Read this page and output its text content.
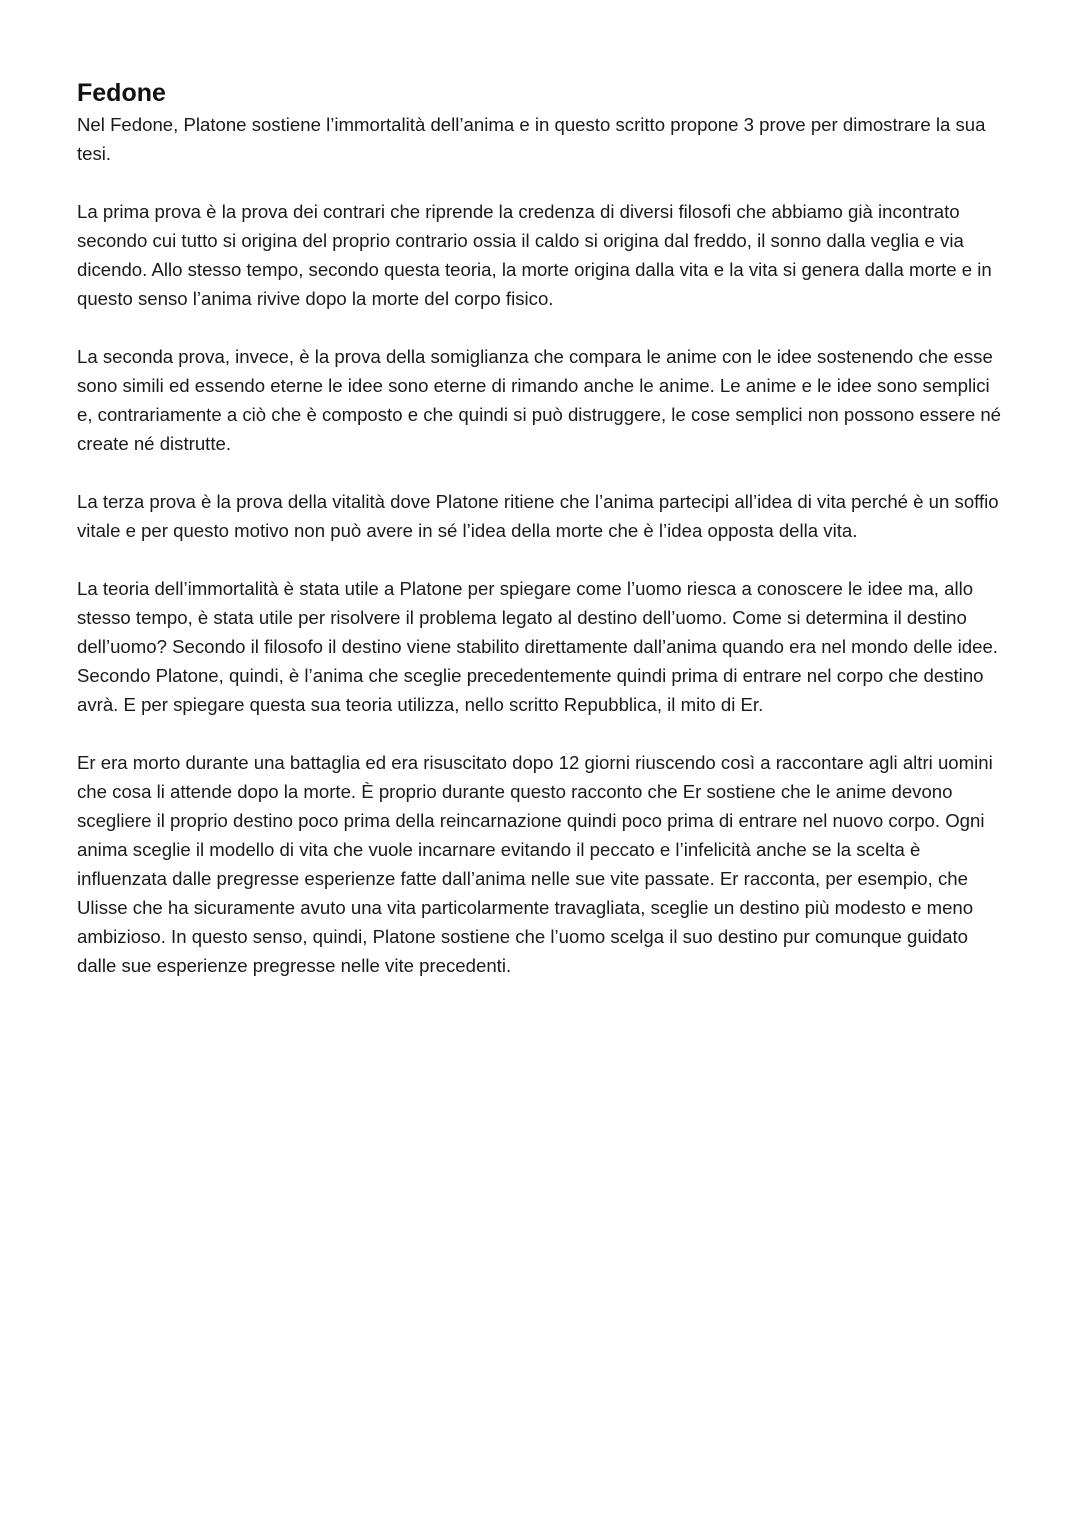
Fedone

Nel Fedone, Platone sostiene l’immortalità dell’anima e in questo scritto propone 3 prove per dimostrare la sua tesi.

La prima prova è la prova dei contrari che riprende la credenza di diversi filosofi che abbiamo già incontrato secondo cui tutto si origina del proprio contrario ossia il caldo si origina dal freddo, il sonno dalla veglia e via dicendo. Allo stesso tempo, secondo questa teoria, la morte origina dalla vita e la vita si genera dalla morte e in questo senso l’anima rivive dopo la morte del corpo fisico.

La seconda prova, invece, è la prova della somiglianza che compara le anime con le idee sostenendo che esse sono simili ed essendo eterne le idee sono eterne di rimando anche le anime. Le anime e le idee sono semplici e, contrariamente a ciò che è composto e che quindi si può distruggere, le cose semplici non possono essere né create né distrutte.

La terza prova è la prova della vitalità dove Platone ritiene che l’anima partecipi all’idea di vita perché è un soffio vitale e per questo motivo non può avere in sé l’idea della morte che è l’idea opposta della vita.

La teoria dell’immortalità è stata utile a Platone per spiegare come l’uomo riesca a conoscere le idee ma, allo stesso tempo, è stata utile per risolvere il problema legato al destino dell’uomo. Come si determina il destino dell’uomo? Secondo il filosofo il destino viene stabilito direttamente dall’anima quando era nel mondo delle idee. Secondo Platone, quindi, è l’anima che sceglie precedentemente quindi prima di entrare nel corpo che destino avrà. E per spiegare questa sua teoria utilizza, nello scritto Repubblica, il mito di Er.

Er era morto durante una battaglia ed era risuscitato dopo 12 giorni riuscendo così a raccontare agli altri uomini che cosa li attende dopo la morte. È proprio durante questo racconto che Er sostiene che le anime devono scegliere il proprio destino poco prima della reincarnazione quindi poco prima di entrare nel nuovo corpo. Ogni anima sceglie il modello di vita che vuole incarnare evitando il peccato e l’infelicità anche se la scelta è influenzata dalle pregresse esperienze fatte dall’anima nelle sue vite passate. Er racconta, per esempio, che Ulisse che ha sicuramente avuto una vita particolarmente travagliata, sceglie un destino più modesto e meno ambizioso. In questo senso, quindi, Platone sostiene che l’uomo scelga il suo destino pur comunque guidato dalle sue esperienze pregresse nelle vite precedenti.
